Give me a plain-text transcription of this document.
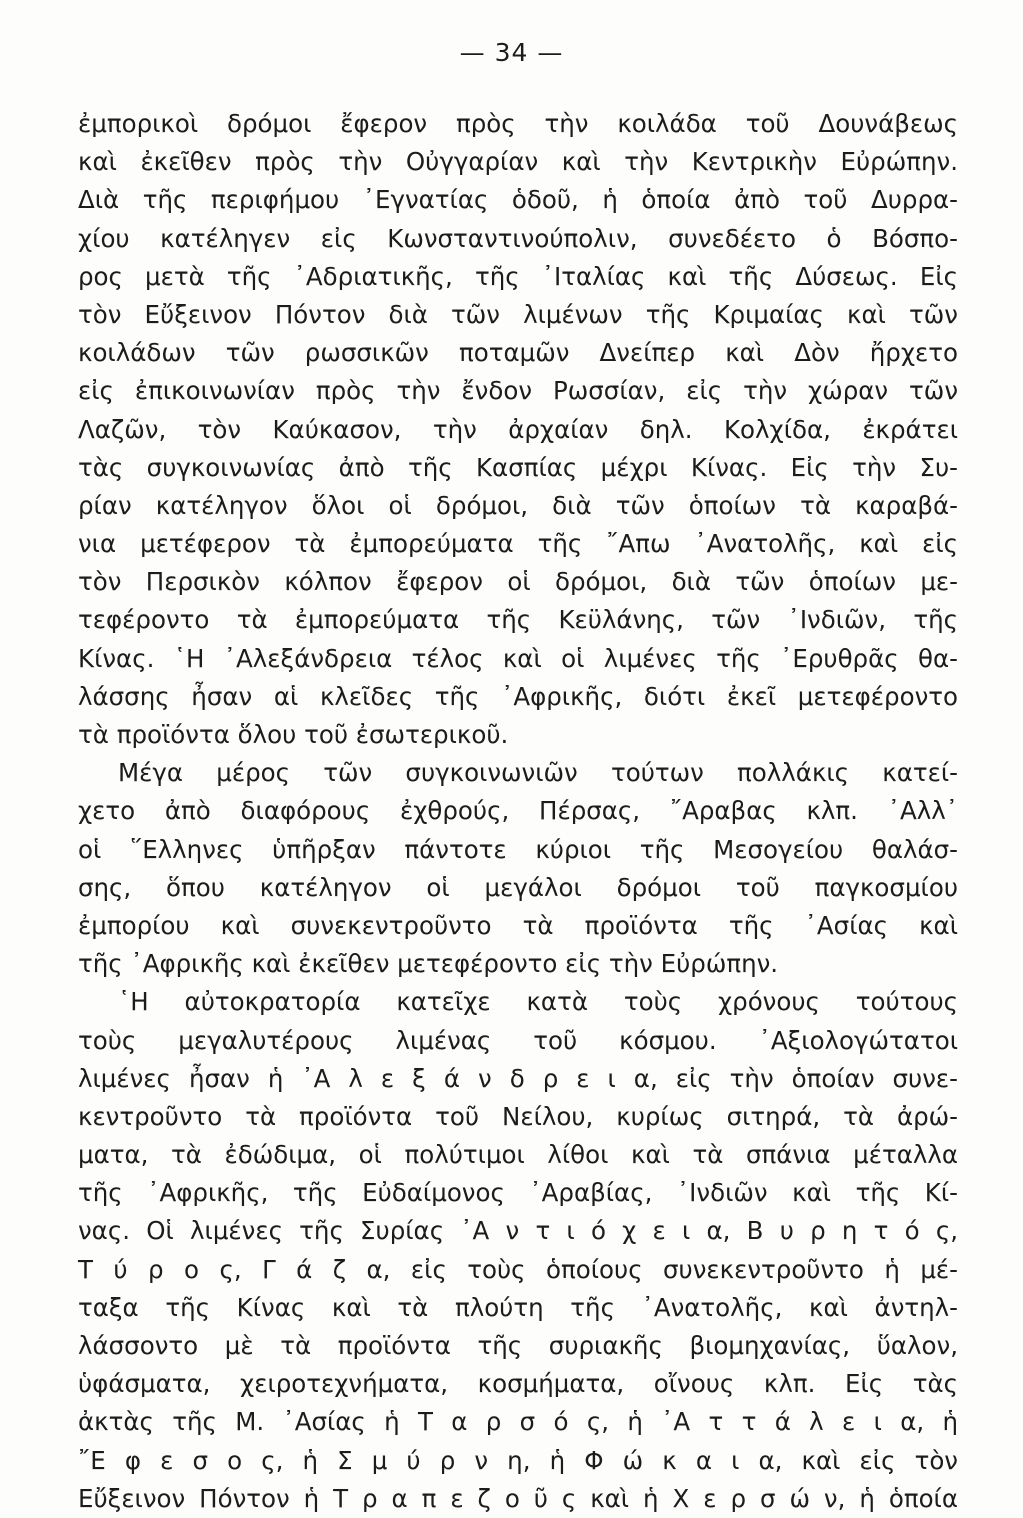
— 34 —
ἐμπορικοὶ δρόμοι ἔφερον πρὸς τὴν κοιλάδα τοῦ Δουνάβεως
καὶ ἐκεῖθεν πρὸς τὴν Οὐγγαρίαν καὶ τὴν Κεντρικὴν Εὐρώπην.
Διὰ τῆς περιφήμου ᾿Εγνατίας ὁδοῦ, ἡ ὁποία ἀπὸ τοῦ Δυρρα-
χίου κατέληγεν εἰς Κωνσταντινούπολιν, συνεδέετο ὁ Βόσπο-
ρος μετὰ τῆς ᾿Αδριατικῆς, τῆς ᾿Ιταλίας καὶ τῆς Δύσεως. Εἰς
τὸν Εὔξεινον Πόντον διὰ τῶν λιμένων τῆς Κριμαίας καὶ τῶν
κοιλάδων τῶν ρωσσικῶν ποταμῶν Δνείπερ καὶ Δὸν ἤρχετο
εἰς ἐπικοινωνίαν πρὸς τὴν ἔνδον Ρωσσίαν, εἰς τὴν χώραν τῶν
Λαζῶν, τὸν Καύκασον, τὴν ἀρχαίαν δηλ. Κολχίδα, ἐκράτει
τὰς συγκοινωνίας ἀπὸ τῆς Κασπίας μέχρι Κίνας. Εἰς τὴν Συ-
ρίαν κατέληγον ὅλοι οἱ δρόμοι, διὰ τῶν ὁποίων τὰ καραβά-
νια μετέφερον τὰ ἐμπορεύματα τῆς ῎Απω ᾿Ανατολῆς, καὶ εἰς
τὸν Περσικὸν κόλπον ἔφερον οἱ δρόμοι, διὰ τῶν ὁποίων με-
τεφέροντο τὰ ἐμπορεύματα τῆς Κεϋλάνης, τῶν ᾿Ινδιῶν, τῆς
Κίνας. ῾Η ᾿Αλεξάνδρεια τέλος καὶ οἱ λιμένες τῆς ᾿Ερυθρᾶς θα-
λάσσης ἦσαν αἱ κλεῖδες τῆς ᾿Αφρικῆς, διότι ἐκεῖ μετεφέροντο
τὰ προϊόντα ὅλου τοῦ ἐσωτερικοῦ.
Μέγα μέρος τῶν συγκοινωνιῶν τούτων πολλάκις κατεί-
χετο ἀπὸ διαφόρους ἐχθρούς, Πέρσας, ῎Αραβας κλπ. ᾿Αλλ᾿
οἱ ῞Ελληνες ὑπῆρξαν πάντοτε κύριοι τῆς Μεσογείου θαλάσ-
σης, ὅπου κατέληγον οἱ μεγάλοι δρόμοι τοῦ παγκοσμίου
ἐμπορίου καὶ συνεκεντροῦντο τὰ προϊόντα τῆς ᾿Ασίας καὶ
τῆς ᾿Αφρικῆς καὶ ἐκεῖθεν μετεφέροντο εἰς τὴν Εὐρώπην.
῾Η αὐτοκρατορία κατεῖχε κατὰ τοὺς χρόνους τούτους
τοὺς μεγαλυτέρους λιμένας τοῦ κόσμου. ᾿Αξιολογώτατοι
λιμένες ἦσαν ἡ ᾿Α λ ε ξ ά ν δ ρ ε ι α, εἰς τὴν ὁποίαν συνε-
κεντροῦντο τὰ προϊόντα τοῦ Νείλου, κυρίως σιτηρά, τὰ ἀρώ-
ματα, τὰ ἐδώδιμα, οἱ πολύτιμοι λίθοι καὶ τὰ σπάνια μέταλλα
τῆς ᾿Αφρικῆς, τῆς Εὐδαίμονος ᾿Αραβίας, ᾿Ινδιῶν καὶ τῆς Κί-
νας. Οἱ λιμένες τῆς Συρίας ᾿Α ν τ ι ό χ ε ι α, Β υ ρ η τ ό ς,
Τ ύ ρ ο ς, Γ ά ζ α, εἰς τοὺς ὁποίους συνεκεντροῦντο ἡ μέ-
ταξα τῆς Κίνας καὶ τὰ πλούτη τῆς ᾿Ανατολῆς, καὶ ἀντηλ-
λάσσοντο μὲ τὰ προϊόντα τῆς συριακῆς βιομηχανίας, ὕαλον,
ὑφάσματα, χειροτεχνήματα, κοσμήματα, οἴνους κλπ. Εἰς τὰς
ἀκτὰς τῆς Μ. ᾿Ασίας ἡ Τ α ρ σ ό ς, ἡ ᾿Α τ τ ά λ ε ι α, ἡ
῎Ε φ ε σ ο ς, ἡ Σ μ ύ ρ ν η, ἡ Φ ώ κ α ι α, καὶ εἰς τὸν
Εὔξεινον Πόντον ἡ Τ ρ α π ε ζ ο ῦ ς καὶ ἡ Χ ε ρ σ ώ ν, ἡ ὁποία
